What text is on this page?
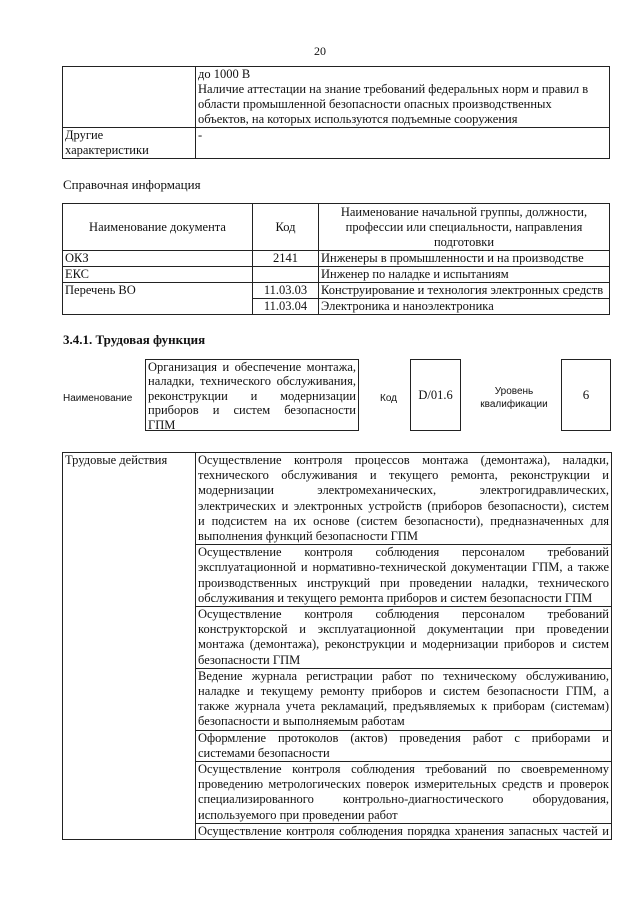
20

	до 1000 В
Наличие аттестации на знание требований федеральных норм и правил в
области промышленной безопасности опасных производственных
объектов, на которых используются подъемные сооружения

Другие
характеристики	-
Справочная информация
Наименование документа	Код	Наименование начальной группы, должности,
профессии или специальности, направления
подготовки

ОКЗ	2141	Инженеры в промышленности и на производстве
ЕКС		Инженер по наладке и испытаниям
Перечень ВО	11.03.03	Конструирование и технология электронных средств
	11.03.04	Электроника и наноэлектроника
3.4.1. Трудовая функция
Наименование
Организация и обеспечение монтажа,
наладки, технического обслуживания,
реконструкции и модернизации
приборов и систем безопасности
ГПМ
Код	D/01.6	Уровень
квалификации
6
Трудовые действия	Осуществление контроля процессов монтажа (демонтажа), наладки,
технического обслуживания и текущего ремонта, реконструкции и
модернизации электромеханических, электрогидравлических,
электрических и электронных устройств (приборов безопасности), систем
и подсистем на их основе (систем безопасности), предназначенных для
выполнения функций безопасности ГПМ

Осуществление контроля соблюдения персоналом требований
эксплуатационной и нормативно-технической документации ГПМ, а также
производственных инструкций при проведении наладки, технического
обслуживания и текущего ремонта приборов и систем безопасности ГПМ

Осуществление контроля соблюдения персоналом требований
конструкторской и эксплуатационной документации при проведении
монтажа (демонтажа), реконструкции и модернизации приборов и систем
безопасности ГПМ

Ведение журнала регистрации работ по техническому обслуживанию,
наладке и текущему ремонту приборов и систем безопасности ГПМ, а
также журнала учета рекламаций, предъявляемых к приборам (системам)
безопасности и выполняемым работам

Оформление протоколов (актов) проведения работ с приборами и
системами безопасности

Осуществление контроля соблюдения требований по своевременному
проведению метрологических поверок измерительных средств и проверок
специализированного контрольно-диагностического оборудования,
используемого при проведении работ

Осуществление контроля соблюдения порядка хранения запасных частей и
